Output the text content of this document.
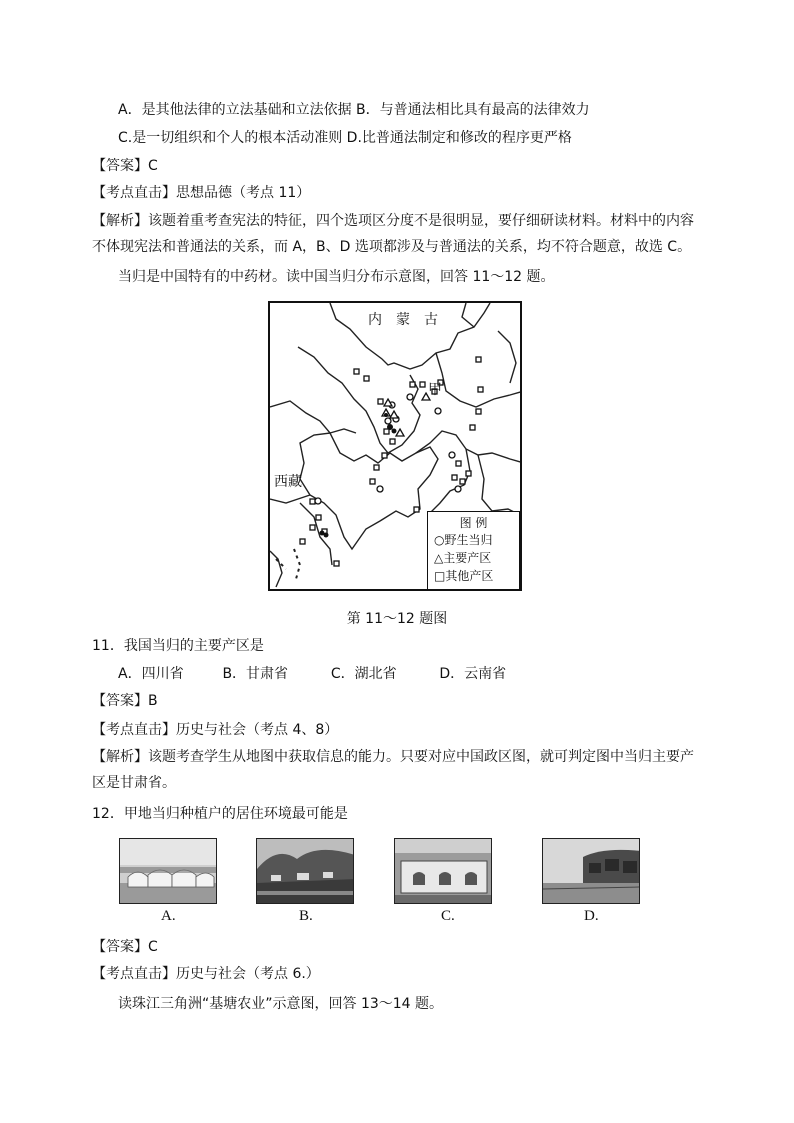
A．是其他法律的立法基础和立法依据 B．与普通法相比具有最高的法律效力
C.是一切组织和个人的根本活动准则 D.比普通法制定和修改的程序更严格
【答案】C
【考点直击】思想品德（考点 11）
【解析】该题着重考查宪法的特征，四个选项区分度不是很明显，要仔细研读材料。材料中的内容不体现宪法和普通法的关系，而 A，B、D 选项都涉及与普通法的关系，均不符合题意，故选 C。
当归是中国特有的中药材。读中国当归分布示意图，回答 11～12 题。
内　蒙　古
甲
西藏
图 例
○野生当归
△主要产区
□其他产区
第 11～12 题图
11．我国当归的主要产区是
A．四川省	B．甘肃省	C．湖北省	D．云南省
【答案】B
【考点直击】历史与社会（考点 4、8）
【解析】该题考查学生从地图中获取信息的能力。只要对应中国政区图，就可判定图中当归主要产区是甘肃省。
12．甲地当归种植户的居住环境最可能是
A.	B.	C.	D.
【答案】C
【考点直击】历史与社会（考点 6.）
读珠江三角洲“基塘农业”示意图，回答 13～14 题。
